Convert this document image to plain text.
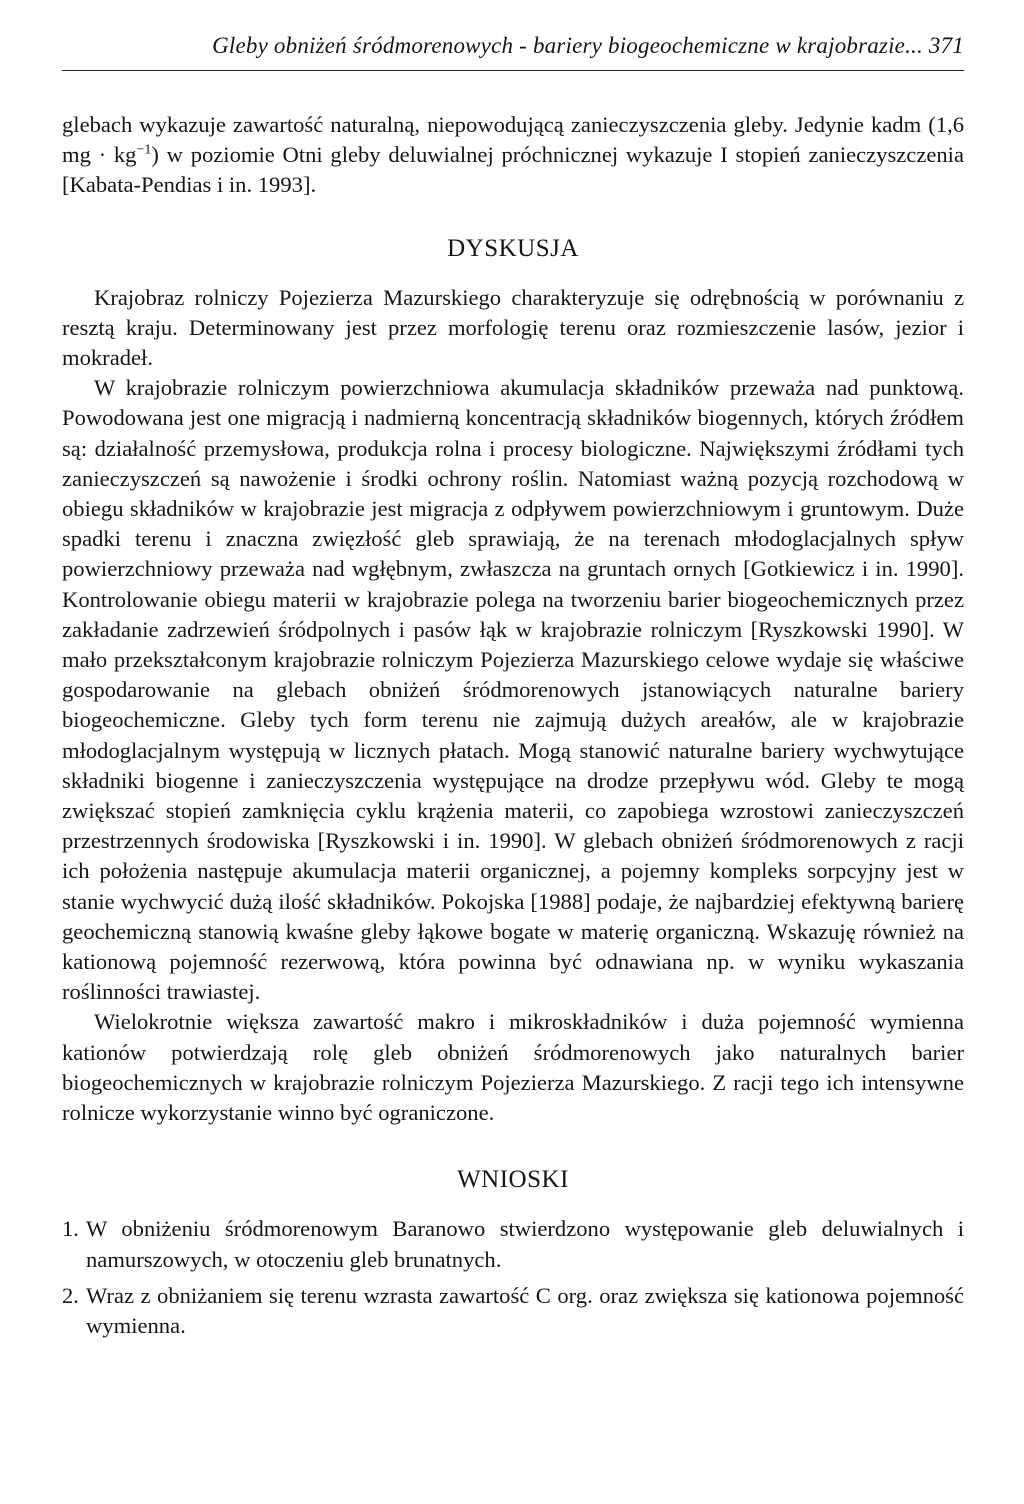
Gleby obniżeń śródmorenowych - bariery biogeochemiczne w krajobrazie... 371

glebach wykazuje zawartość naturalną, niepowodującą zanieczyszczenia gleby. Jedynie kadm (1,6 mg · $kg^{-1}$) w poziomie Otni gleby deluwialnej próchnicznej wykazuje I stopień zanieczyszczenia [Kabata-Pendias i in. 1993].

DYSKUSJA

Krajobraz rolniczy Pojezierza Mazurskiego charakteryzuje się odrębnością w porównaniu z resztą kraju. Determinowany jest przez morfologię terenu oraz rozmieszczenie lasów, jezior i mokradeł.

W krajobrazie rolniczym powierzchniowa akumulacja składników przeważa nad punktową. Powodowana jest one migracją i nadmierną koncentracją składników biogennych, których źródłem są: działalność przemysłowa, produkcja rolna i procesy biologiczne. Największymi źródłami tych zanieczyszczeń są nawożenie i środki ochrony roślin. Natomiast ważną pozycją rozchodową w obiegu składników w krajobrazie jest migracja z odpływem powierzchniowym i gruntowym. Duże spadki terenu i znaczna zwięzłość gleb sprawiają, że na terenach młodoglacjalnych spływ powierzchniowy przeważa nad wgłębnym, zwłaszcza na gruntach ornych [Gotkiewicz i in. 1990]. Kontrolowanie obiegu materii w krajobrazie polega na tworzeniu barier biogeochemicznych przez zakładanie zadrzewień śródpolnych i pasów łąk w krajobrazie rolniczym [Ryszkowski 1990]. W mało przekształconym krajobrazie rolniczym Pojezierza Mazurskiego celowe wydaje się właściwe gospodarowanie na glebach obniżeń śródmorenowych jstanowiących naturalne bariery biogeochemiczne. Gleby tych form terenu nie zajmują dużych areałów, ale w krajobrazie młodoglacjalnym występują w licznych płatach. Mogą stanowić naturalne bariery wychwytujące składniki biogenne i zanieczyszczenia występujące na drodze przepływu wód. Gleby te mogą zwiększać stopień zamknięcia cyklu krążenia materii, co zapobiega wzrostowi zanieczyszczeń przestrzennych środowiska [Ryszkowski i in. 1990]. W glebach obniżeń śródmorenowych z racji ich położenia następuje akumulacja materii organicznej, a pojemny kompleks sorpcyjny jest w stanie wychwycić dużą ilość składników. Pokojska [1988] podaje, że najbardziej efektywną barierę geochemiczną stanowią kwaśne gleby łąkowe bogate w materię organiczną. Wskazuję również na kationową pojemność rezerwową, która powinna być odnawiana np. w wyniku wykaszania roślinności trawiastej.

Wielokrotnie większa zawartość makro i mikroskładników i duża pojemność wymienna kationów potwierdzają rolę gleb obniżeń śródmorenowych jako naturalnych barier biogeochemicznych w krajobrazie rolniczym Pojezierza Mazurskiego. Z racji tego ich intensywne rolnicze wykorzystanie winno być ograniczone.

WNIOSKI
1. W obniżeniu śródmorenowym Baranowo stwierdzono występowanie gleb deluwialnych i namurszowych, w otoczeniu gleb brunatnych.
2. Wraz z obniżaniem się terenu wzrasta zawartość C org. oraz zwiększa się kationowa pojemność wymienna.
